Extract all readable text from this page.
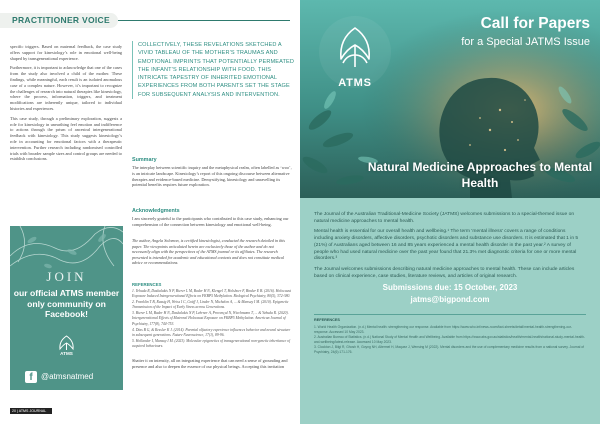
PRACTITIONER VOICE

specific triggers. Based on maternal feedback, the case study offers support for kinesiology’s role in emotional well-being shaped by transgenerational experience.

Furthermore, it is important to acknowledge that one of the cases from the study also involved a child of the mother. These findings, while meaningful, each result is an isolated anomalous case of a complex nature. However, it’s important to recognize the challenges of research into natural therapies like kinesiology, where the process, information, triggers, and treatment modifications are inherently unique, tailored to individual histories and experiences.

This case study, through a preliminary exploration, suggests a role for kinesiology in unearthing feel emotion and indifference to actions through the prism of ancestral intergenerational feedback with kinesiology. This study suggests kinesiology’s role in accounting for emotional factors with a therapeutic intervention. Further research including randomised controlled trials with broader sample sizes and control groups are needed to establish conclusions.

COLLECTIVELY, THESE REVELATIONS SKETCHED A VIVID TABLEAU OF THE MOTHER’S TRAUMAS AND EMOTIONAL IMPRINTS THAT POTENTIALLY PERMEATED THE INFANT’S RELATIONSHIP WITH FOOD. THIS INTRICATE TAPESTRY OF INHERITED EMOTIONAL EXPERIENCES FROM BOTH PARENTS SET THE STAGE FOR SUBSEQUENT ANALYSIS AND INTERVENTION.
Summary
The interplay between scientific inquiry and the metaphysical realm, often labelled as ‘woo’, is an intricate landscape. Kinesiology’s report of this ongoing discourse between alternative therapies and evidence-based medicine. Demystifying, kinesiology and unravelling its potential benefits requires future exploration.
Acknowledgments
I am sincerely grateful to the participants who contributed to this case study, enhancing our comprehension of the connection between kinesiology and emotional well-being.
The author, Angela Solomon, is certified kinesiologist, conducted the research detailed in this paper. The viewpoints articulated herein are exclusively those of the author and do not necessarily align with the perspectives of the ATMS journal or its affiliates. The research presented is intended for academic and educational contexts and does not constitute medical advice or recommendations.
REFERENCES
1. Yehuda R, Daskalakis N P, Bierer L M, Bader H N, Klengel T, Holsboer F, Binder E B. (2016). Holocaust Exposure Induced Intergenerational Effects on FKBP5 Methylation. Biological Psychiatry, 80(5), 372-380.
2. Franklin T B, Russig H, Weiss I C, Gräff J, Linder N, Michalon A, ... & Mansuy I M. (2010). Epigenetic Transmission of the Impact of Early Stress across Generations.
3. Bierer L M, Bader H N, Daskalakis N P, Lehrner A, Provençal N, Wiechmann T, ... & Yehuda R. (2020). Intergenerational Effects of Maternal Holocaust Exposure on FKBP5 Methylation. American Journal of Psychiatry, 177(8), 744-753.
4. Dias B G, & Ressler K J. (2014). Parental olfactory experience influences behavior and neural structure in subsequent generations. Nature Neuroscience, 17(1), 89-96.
5. Hollander I, Mansuy I M. (2023). Molecular epigenetics of transgenerational non-genetic inheritance of acquired behaviours.
Shatter it on intensity, all on integrating experience that can need a sense of grounding and presence and also to deepen the essence of our physical beings. Accepting this invitation
JOIN
our official ATMS member only community on Facebook!
ATMS
f	@atmsnatmed
20 | ATMS JOURNAL
ATMS
Call for Papers
for a Special JATMS Issue
Natural Medicine Approaches to Mental Health

The Journal of the Australian Traditional-Medicine Society (JATMS) welcomes submissions to a special-themed issue on natural medicine approaches to mental health.

Mental health is essential for our overall health and wellbeing.¹ The term ‘mental illness’ covers a range of conditions including anxiety disorders, affective disorders, psychotic disorders and substance use disorders. It is estimated that 1 in 5 (21%) of Australians aged between 16 and 85 years experienced a mental health disorder in the past year.² A survey of people who had used natural medicine over the past year found that 21.3% met diagnostic criteria for one or more mental disorders.³

The Journal welcomes submissions describing natural medicine approaches to mental health. These can include articles based on clinical experience, case studies, literature reviews, and articles of original research.

Submissions due: 15 October, 2023
jatms@bigpond.com
REFERENCES
1. World Health Organization. (n.d.) Mental health: strengthening our response. Available from https://www.who.int/news-room/fact-sheets/detail/mental-health-strengthening-our-response. Accessed 10 May 2023.
2. Australian Bureau of Statistics. (n.d.) National Study of Mental Health and Wellbeing. Available from https://www.abs.gov.au/statistics/health/mental-health/national-study-mental-health-and-wellbeing/latest-release. Accessed 10 May 2023.
3. Clockton J, Bilgi R, Ghosh H, Goyng NH, Altermel H, Maquez J, Wensing M (2022). Mental disorders and the use of complementary medicine results from a national survey. Journal of Psychiatry, 24(6):171-176.
